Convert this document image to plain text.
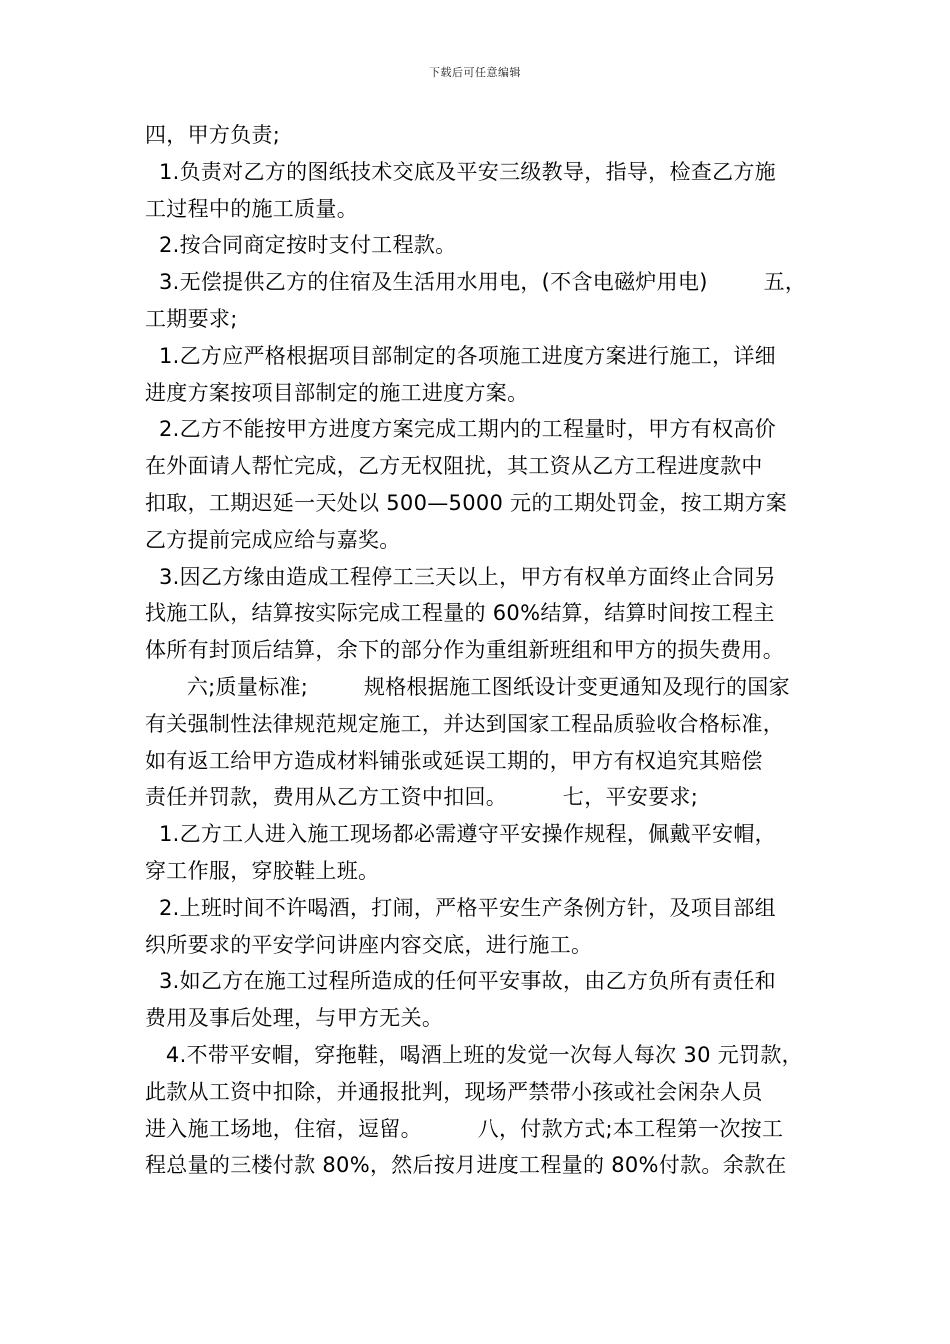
下载后可任意编辑
四，甲方负责;
1.负责对乙方的图纸技术交底及平安三级教导，指导，检查乙方施
工过程中的施工质量。
2.按合同商定按时支付工程款。
3.无偿提供乙方的住宿及生活用水用电，(不含电磁炉用电)        五，
工期要求;
1.乙方应严格根据项目部制定的各项施工进度方案进行施工，详细
进度方案按项目部制定的施工进度方案。
2.乙方不能按甲方进度方案完成工期内的工程量时，甲方有权高价
在外面请人帮忙完成，乙方无权阻扰，其工资从乙方工程进度款中
扣取，工期迟延一天处以 500—5000 元的工期处罚金，按工期方案
乙方提前完成应给与嘉奖。
3.因乙方缘由造成工程停工三天以上，甲方有权单方面终止合同另
找施工队，结算按实际完成工程量的 60%结算，结算时间按工程主
体所有封顶后结算，余下的部分作为重组新班组和甲方的损失费用。
六;质量标准;        规格根据施工图纸设计变更通知及现行的国家
有关强制性法律规范规定施工，并达到国家工程品质验收合格标准，
如有返工给甲方造成材料铺张或延误工期的，甲方有权追究其赔偿
责任并罚款，费用从乙方工资中扣回。        七，平安要求;
1.乙方工人进入施工现场都必需遵守平安操作规程，佩戴平安帽，
穿工作服，穿胶鞋上班。
2.上班时间不许喝酒，打闹，严格平安生产条例方针，及项目部组
织所要求的平安学问讲座内容交底，进行施工。
3.如乙方在施工过程所造成的任何平安事故，由乙方负所有责任和
费用及事后处理，与甲方无关。
4.不带平安帽，穿拖鞋，喝酒上班的发觉一次每人每次 30 元罚款，
此款从工资中扣除，并通报批判，现场严禁带小孩或社会闲杂人员
进入施工场地，住宿，逗留。        八，付款方式;本工程第一次按工
程总量的三楼付款 80%，然后按月进度工程量的 80%付款。余款在
